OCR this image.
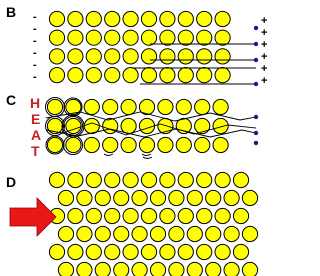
B -
-
-
-
-
-
+
+
+
+
+
+
C H
E
A
T
D
